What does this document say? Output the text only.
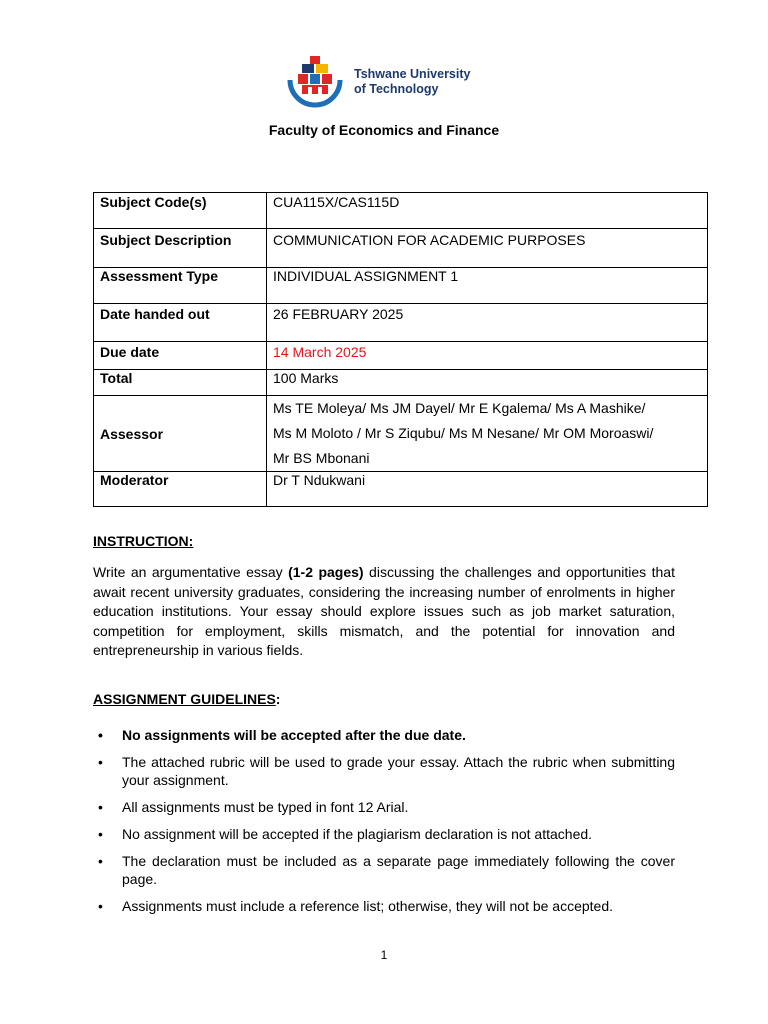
Tshwane University
of Technology
Faculty of Economics and Finance
Subject Code(s)	CUA115X/CAS115D
Subject Description	COMMUNICATION FOR ACADEMIC PURPOSES
Assessment Type	INDIVIDUAL ASSIGNMENT 1
Date handed out	26 FEBRUARY 2025
Due date	14 March 2025
Total	100 Marks
Assessor	Ms TE Moleya/ Ms JM Dayel/ Mr E Kgalema/ Ms A Mashike/
Ms M Moloto / Mr S Ziqubu/ Ms M Nesane/ Mr OM Moroaswi/
Mr BS Mbonani

Moderator	Dr T Ndukwani
INSTRUCTION:
Write an argumentative essay (1-2 pages) discussing the challenges and opportunities that await recent university graduates, considering the increasing number of enrolments in higher education institutions. Your essay should explore issues such as job market saturation, competition for employment, skills mismatch, and the potential for innovation and entrepreneurship in various fields.
ASSIGNMENT GUIDELINES:
• No assignments will be accepted after the due date.
• The attached rubric will be used to grade your essay. Attach the rubric when submitting your assignment.
• All assignments must be typed in font 12 Arial.
• No assignment will be accepted if the plagiarism declaration is not attached.
• The declaration must be included as a separate page immediately following the cover page.
• Assignments must include a reference list; otherwise, they will not be accepted.
1
